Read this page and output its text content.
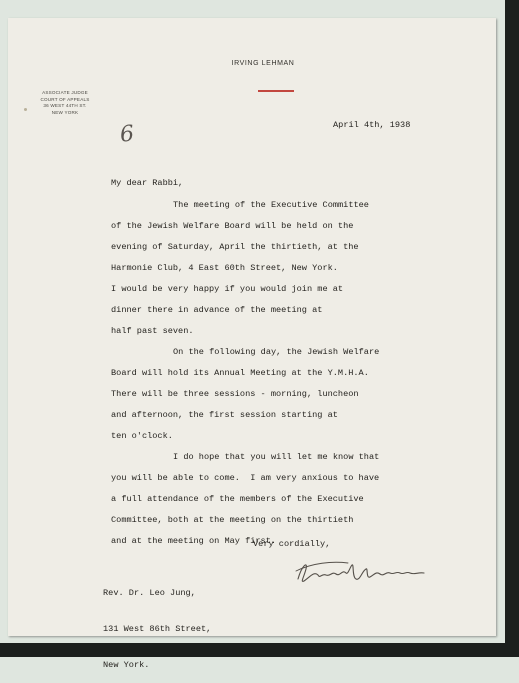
IRVING LEHMAN
ASSOCIATE JUDGE
COURT OF APPEALS
36 WEST 44TH ST.
NEW YORK
6	April 4th, 1938

My dear Rabbi,

The meeting of the Executive Committee

of the Jewish Welfare Board will be held on the

evening of Saturday, April the thirtieth, at the

Harmonie Club, 4 East 60th Street, New York.

I would be very happy if you would join me at

dinner there in advance of the meeting at

half past seven.

On the following day, the Jewish Welfare

Board will hold its Annual Meeting at the Y.M.H.A.

There will be three sessions - morning, luncheon

and afternoon, the first session starting at

ten o'clock.

I do hope that you will let me know that

you will be able to come.  I am very anxious to have

a full attendance of the members of the Executive

Committee, both at the meeting on the thirtieth

and at the meeting on May first.

Very cordially,

Rev. Dr. Leo Jung,

131 West 86th Street,

New York.
